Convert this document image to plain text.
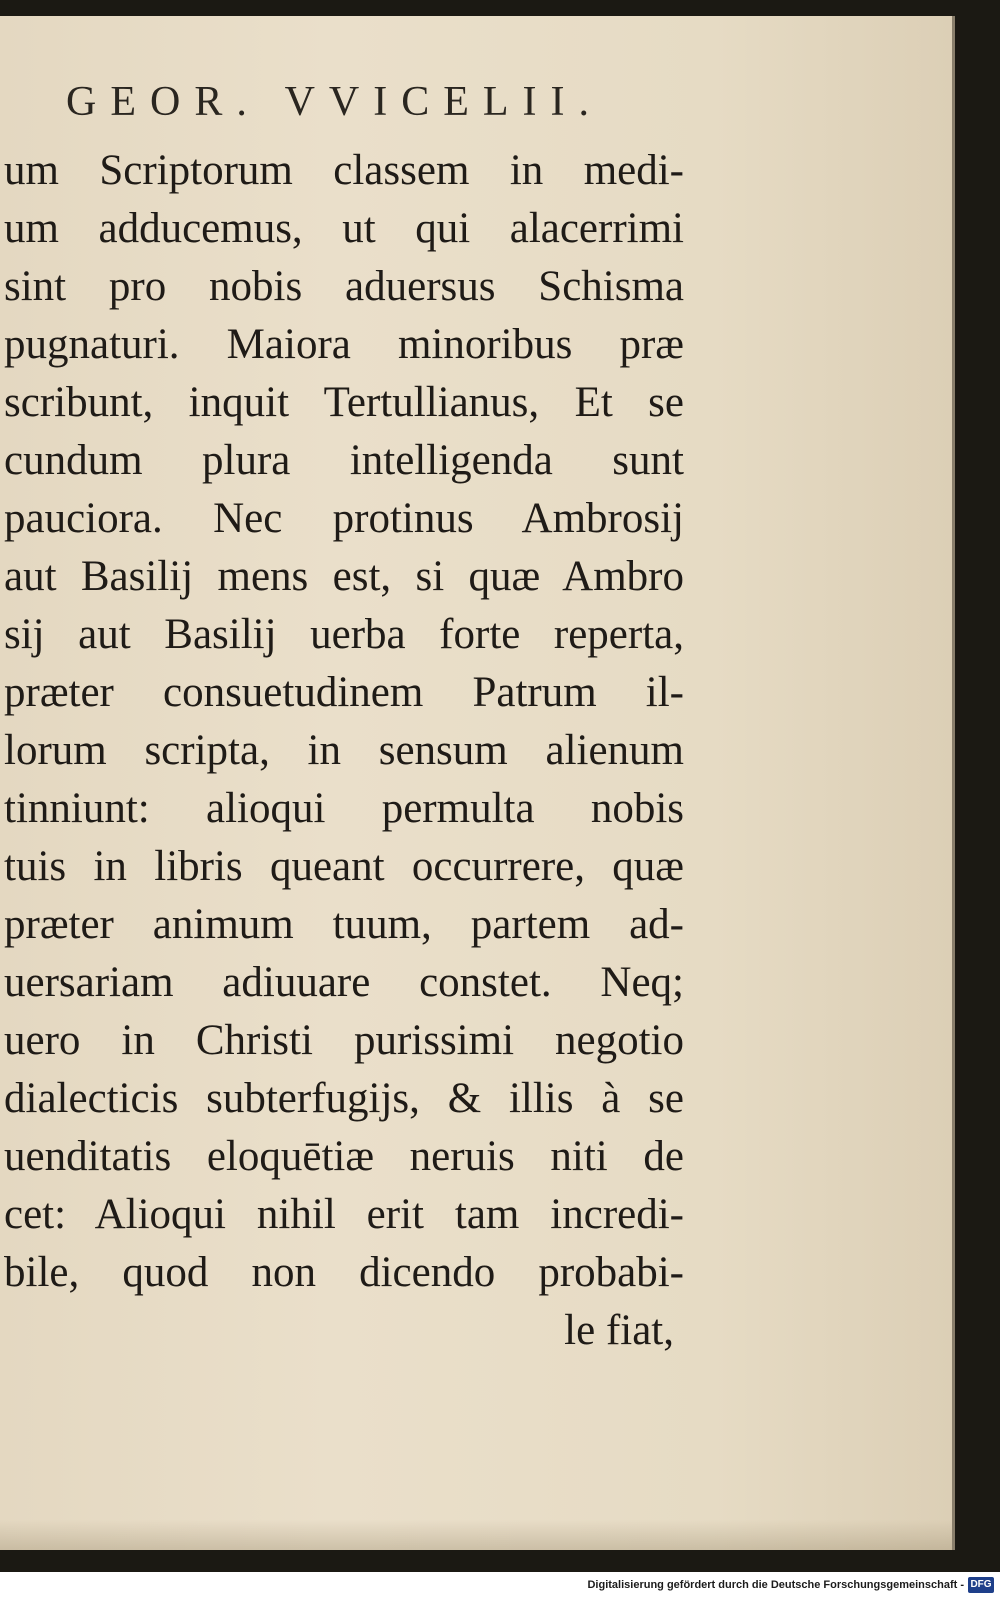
GEOR. VVICELII.
um Scriptorum classem in medi-
um adducemus, ut qui alacerrimi
sint pro nobis aduersus Schisma
pugnaturi. Maiora minoribus præ
scribunt, inquit Tertullianus, Et se
cundum plura intelligenda sunt
pauciora. Nec protinus Ambrosij
aut Basilij mens est, si quæ Ambro
sij aut Basilij uerba forte reperta,
præter consuetudinem Patrum il-
lorum scripta, in sensum alienum
tinniunt: alioqui permulta nobis
tuis in libris queant occurrere, quæ
præter animum tuum, partem ad-
uersariam adiuuare constet. Neq;
uero in Christi purissimi negotio
dialecticis subterfugijs, & illis à se
uenditatis eloquētiæ neruis niti de
cet: Alioqui nihil erit tam incredi-
bile, quod non dicendo probabi-
le fiat,
Digitalisierung gefördert durch die Deutsche Forschungsgemeinschaft - DFG
